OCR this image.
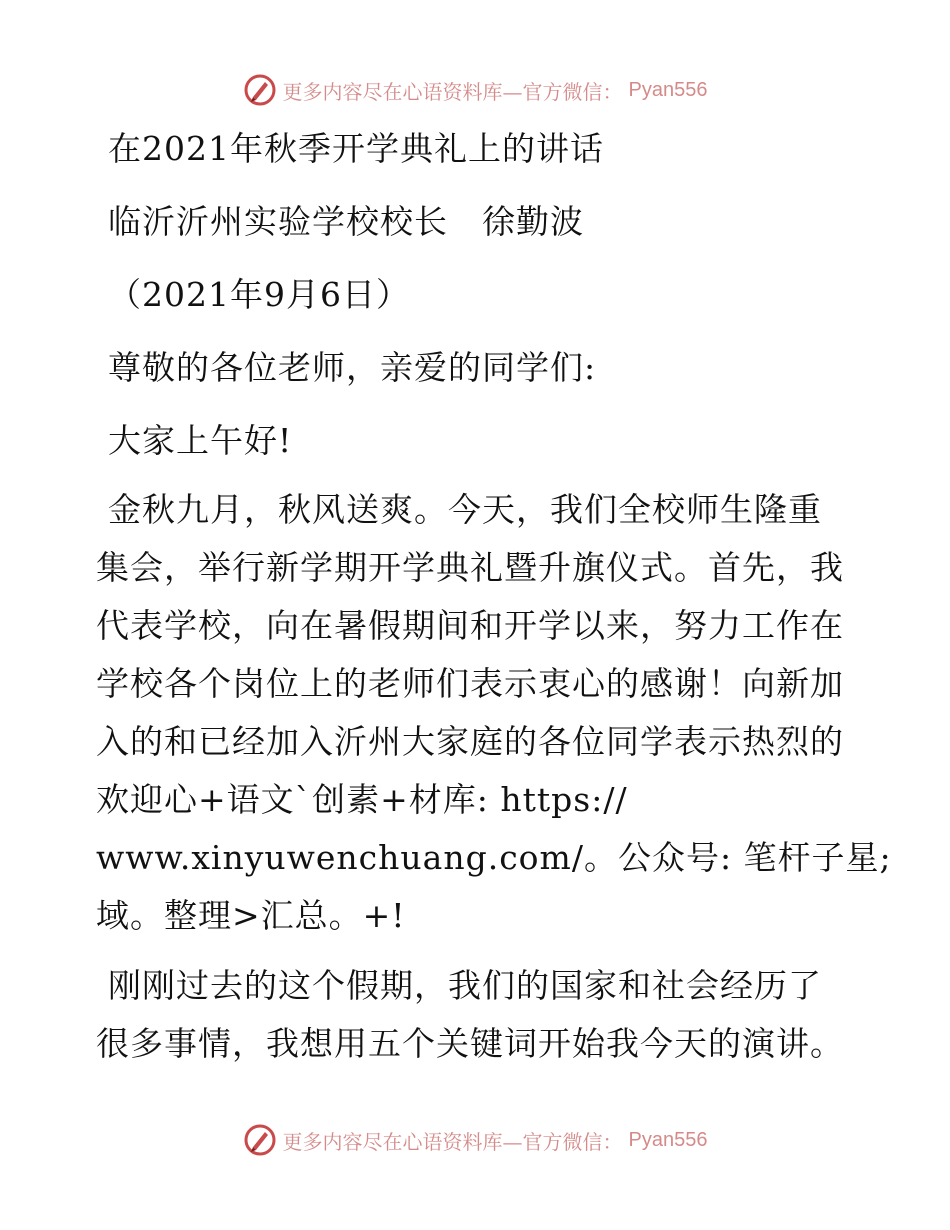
更多内容尽在心语资料库—官方微信： Pyan556
在2021年秋季开学典礼上的讲话
临沂沂州实验学校校长　徐勤波
（2021年9月6日）
尊敬的各位老师，亲爱的同学们:
大家上午好!
金秋九月，秋风送爽。今天，我们全校师生隆重
集会，举行新学期开学典礼暨升旗仪式。首先，我
代表学校，向在暑假期间和开学以来，努力工作在
学校各个岗位上的老师们表示衷心的感谢！向新加
入的和已经加入沂州大家庭的各位同学表示热烈的
欢迎心+语文`创素+材库: https://
www.xinyuwenchuang.com/。公众号: 笔杆子星;
域。整理>汇总。+!
刚刚过去的这个假期，我们的国家和社会经历了
很多事情，我想用五个关键词开始我今天的演讲。
更多内容尽在心语资料库—官方微信： Pyan556
